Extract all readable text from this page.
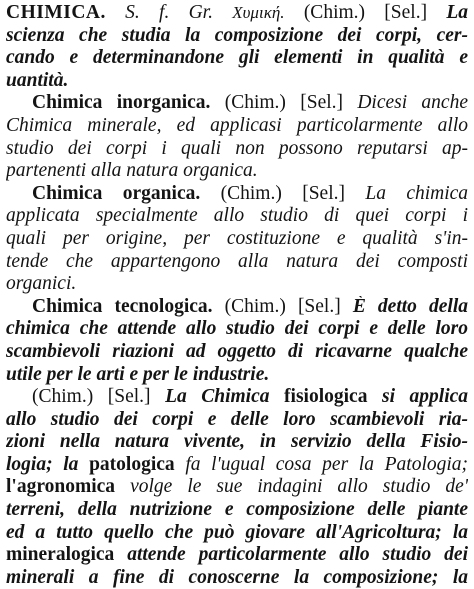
CHIMICA. S. f. Gr. Χυμική. (Chim.) [Sel.] La
scienza che studia la composizione dei corpi, cer-
cando e determinandone gli elementi in qualità e
uantità.
Chimica inorganica. (Chim.) [Sel.] Dicesi anche
Chimica minerale, ed applicasi particolarmente allo
studio dei corpi i quali non possono reputarsi ap-
partenenti alla natura organica.
Chimica organica. (Chim.) [Sel.] La chimica
applicata specialmente allo studio di quei corpi i
quali per origine, per costituzione e qualità s'in-
tende che appartengono alla natura dei composti
organici.
Chimica tecnologica. (Chim.) [Sel.] È detto della
chimica che attende allo studio dei corpi e delle loro
scambievoli riazioni ad oggetto di ricavarne qualche
utile per le arti e per le industrie.
(Chim.) [Sel.] La Chimica fisiologica si applica
allo studio dei corpi e delle loro scambievoli ria-
zioni nella natura vivente, in servizio della Fisio-
logia; la patologica fa l'ugual cosa per la Patologia;
l'agronomica volge le sue indagini allo studio de'
terreni, della nutrizione e composizione delle piante
ed a tutto quello che può giovare all'Agricoltura; la
mineralogica attende particolarmente allo studio dei
minerali a fine di conoscerne la composizione; la
